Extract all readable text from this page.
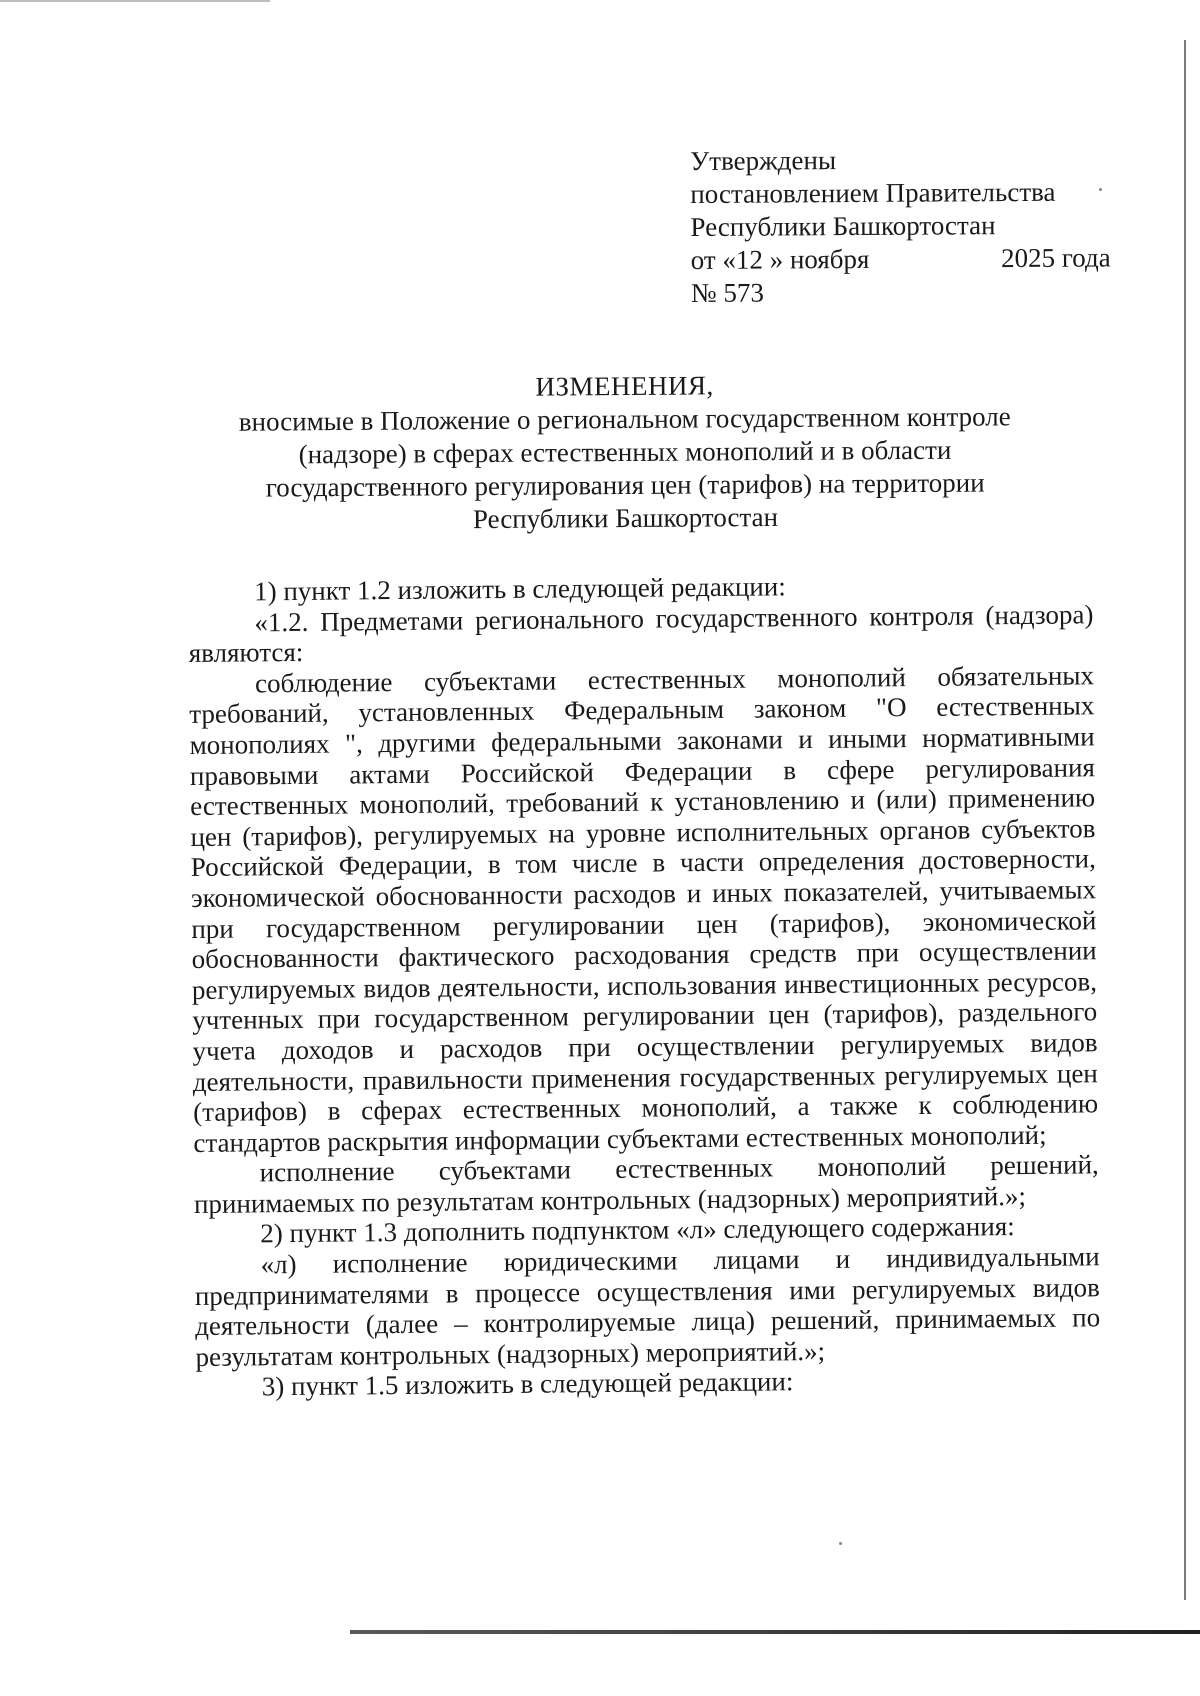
Утверждены
постановлением Правительства
Республики Башкортостан
от «12 » ноября	2025 года
№ 573
ИЗМЕНЕНИЯ,
вносимые в Положение о региональном государственном контроле
(надзоре) в сферах естественных монополий и в области
государственного регулирования цен (тарифов) на территории
Республики Башкортостан

1) пункт 1.2 изложить в следующей редакции:

«1.2. Предметами регионального государственного контроля (надзора) являются:

соблюдение субъектами естественных монополий обязательных требований, установленных Федеральным законом "О естественных монополиях ", другими федеральными законами и иными нормативными правовыми актами Российской Федерации в сфере регулирования естественных монополий, требований к установлению и (или) применению цен (тарифов), регулируемых на уровне исполнительных органов субъектов Российской Федерации, в том числе в части определения достоверности, экономической обоснованности расходов и иных показателей, учитываемых при государственном регулировании цен (тарифов), экономической обоснованности фактического расходования средств при осуществлении регулируемых видов деятельности, использования инвестиционных ресурсов, учтенных при государственном регулировании цен (тарифов), раздельного учета доходов и расходов при осуществлении регулируемых видов деятельности, правильности применения государственных регулируемых цен (тарифов) в сферах естественных монополий, а также к соблюдению стандартов раскрытия информации субъектами естественных монополий;

исполнение субъектами естественных монополий решений, принимаемых по результатам контрольных (надзорных) мероприятий.»;

2) пункт 1.3 дополнить подпунктом «л» следующего содержания:

«л) исполнение юридическими лицами и индивидуальными предпринимателями в процессе осуществления ими регулируемых видов деятельности (далее – контролируемые лица) решений, принимаемых по результатам контрольных (надзорных) мероприятий.»;

3) пункт 1.5 изложить в следующей редакции:
